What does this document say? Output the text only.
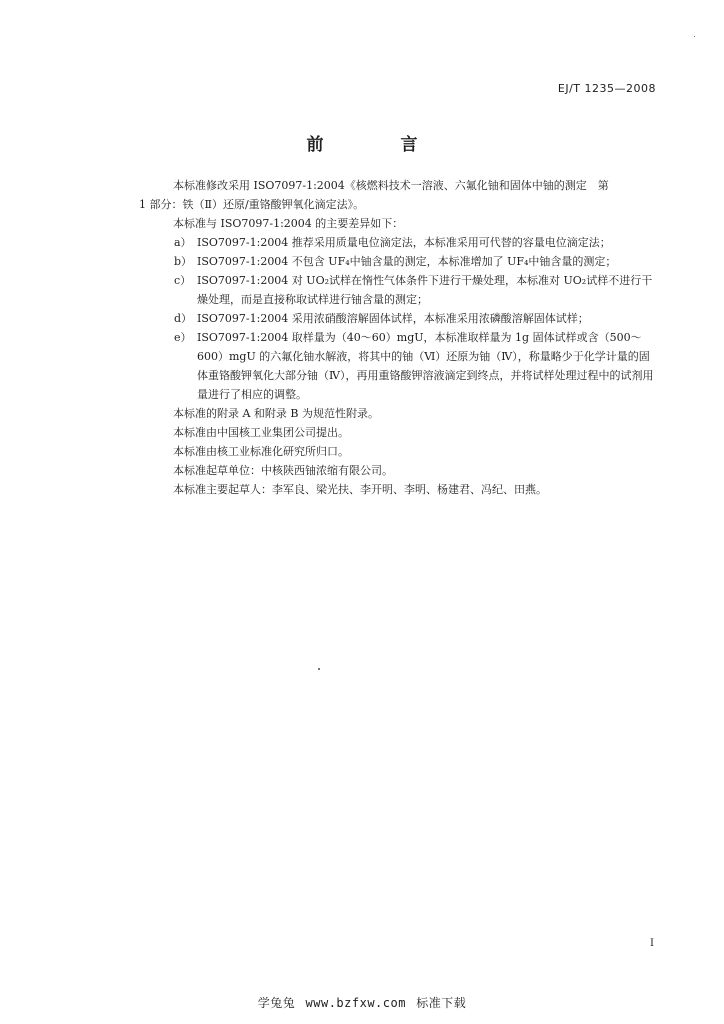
EJ/T 1235—2008
前　言

本标准修改采用 ISO7097-1:2004《核燃料技术一溶液、六氟化铀和固体中铀的测定　第

1 部分：铁（Ⅱ）还原/重铬酸钾氧化滴定法》。

本标准与 ISO7097-1:2004 的主要差异如下：

a） ISO7097-1:2004 推荐采用质量电位滴定法，本标准采用可代替的容量电位滴定法；
b） ISO7097-1:2004 不包含 UF₄中铀含量的测定，本标准增加了 UF₄中铀含量的测定；
c） ISO7097-1:2004 对 UO₂试样在惰性气体条件下进行干燥处理，本标准对 UO₂试样不进行干燥处理，而是直接称取试样进行铀含量的测定；
d） ISO7097-1:2004 采用浓硝酸溶解固体试样，本标准采用浓磷酸溶解固体试样；
e） ISO7097-1:2004 取样量为（40～60）mgU，本标准取样量为 1g 固体试样或含（500～600）mgU 的六氟化铀水解液，将其中的铀（Ⅵ）还原为铀（Ⅳ），称量略少于化学计量的固体重铬酸钾氧化大部分铀（Ⅳ），再用重铬酸钾溶液滴定到终点，并将试样处理过程中的试剂用量进行了相应的调整。

本标准的附录 A 和附录 B 为规范性附录。

本标准由中国核工业集团公司提出。

本标准由核工业标准化研究所归口。

本标准起草单位：中核陕西铀浓缩有限公司。

本标准主要起草人：李军良、梁光扶、李开明、李明、杨建君、冯纪、田燕。

I
学兔兔 www.bzfxw.com 标准下载
